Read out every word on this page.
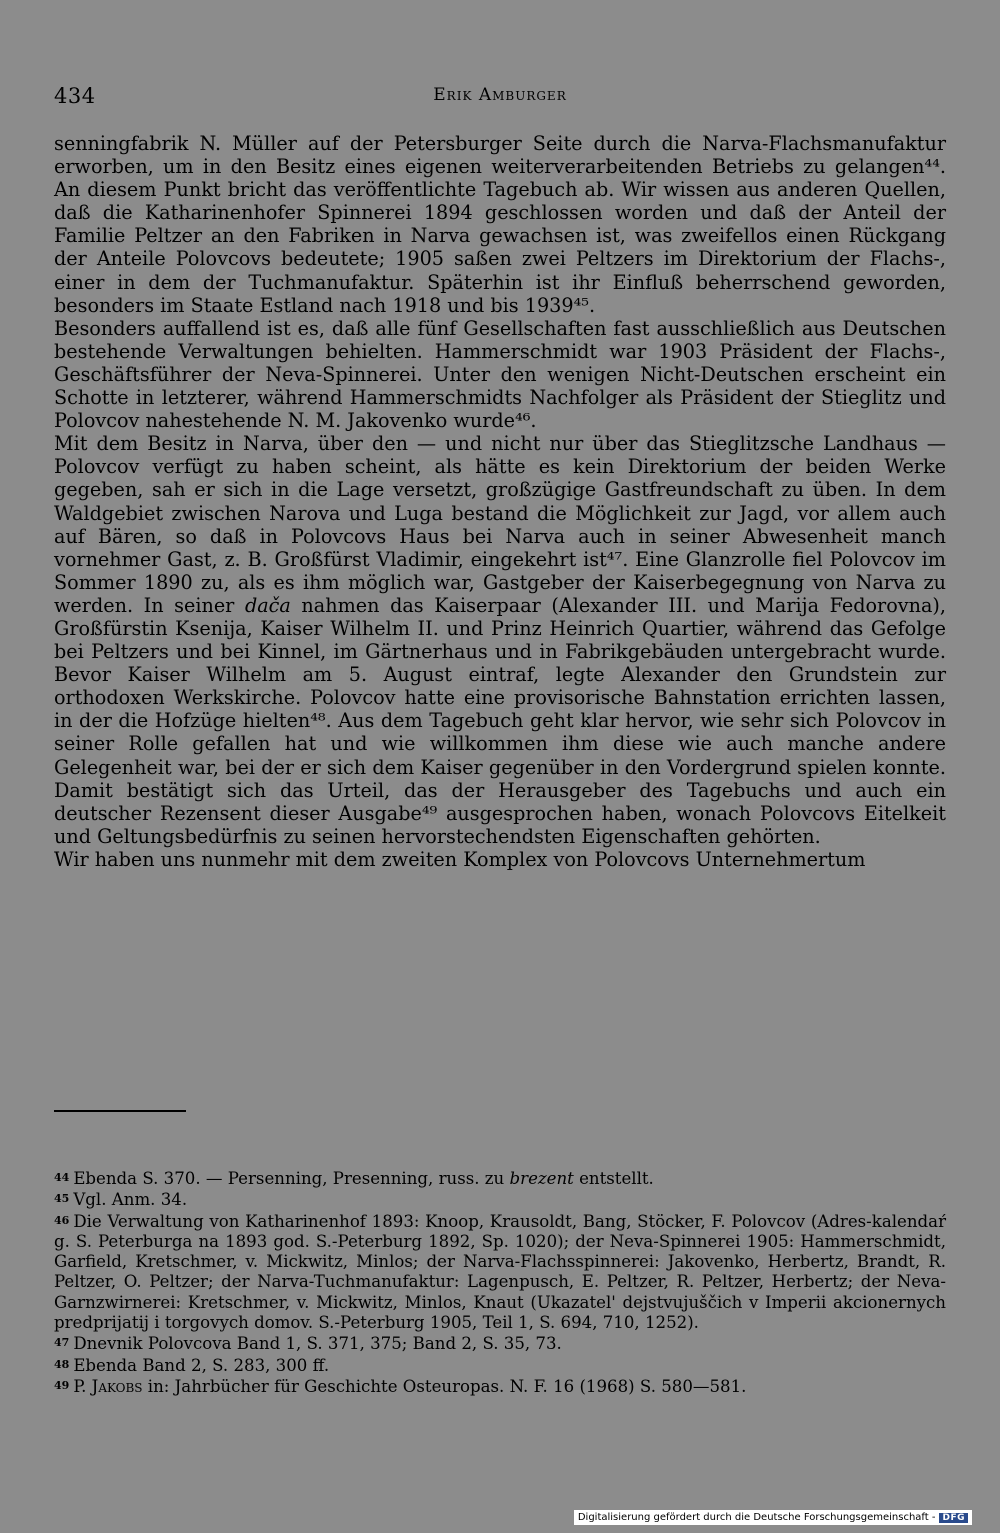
434	Erik Amburger

senningfabrik N. Müller auf der Petersburger Seite durch die Narva-Flachsmanufaktur erworben, um in den Besitz eines eigenen weiterverarbeitenden Betriebs zu gelangen⁴⁴. An diesem Punkt bricht das veröffentlichte Tagebuch ab. Wir wissen aus anderen Quellen, daß die Katharinenhofer Spinnerei 1894 geschlossen worden und daß der Anteil der Familie Peltzer an den Fabriken in Narva gewachsen ist, was zweifellos einen Rückgang der Anteile Polovcovs bedeutete; 1905 saßen zwei Peltzers im Direktorium der Flachs-, einer in dem der Tuchmanufaktur. Späterhin ist ihr Einfluß beherrschend geworden, besonders im Staate Estland nach 1918 und bis 1939⁴⁵.

Besonders auffallend ist es, daß alle fünf Gesellschaften fast ausschließlich aus Deutschen bestehende Verwaltungen behielten. Hammerschmidt war 1903 Präsident der Flachs-, Geschäftsführer der Neva-Spinnerei. Unter den wenigen Nicht-Deutschen erscheint ein Schotte in letzterer, während Hammerschmidts Nachfolger als Präsident der Stieglitz und Polovcov nahestehende N. M. Jakovenko wurde⁴⁶.

Mit dem Besitz in Narva, über den — und nicht nur über das Stieglitzsche Landhaus — Polovcov verfügt zu haben scheint, als hätte es kein Direktorium der beiden Werke gegeben, sah er sich in die Lage versetzt, großzügige Gastfreundschaft zu üben. In dem Waldgebiet zwischen Narova und Luga bestand die Möglichkeit zur Jagd, vor allem auch auf Bären, so daß in Polovcovs Haus bei Narva auch in seiner Abwesenheit manch vornehmer Gast, z. B. Großfürst Vladimir, eingekehrt ist⁴⁷. Eine Glanzrolle fiel Polovcov im Sommer 1890 zu, als es ihm möglich war, Gastgeber der Kaiserbegegnung von Narva zu werden. In seiner dača nahmen das Kaiserpaar (Alexander III. und Marija Fedorovna), Großfürstin Ksenija, Kaiser Wilhelm II. und Prinz Heinrich Quartier, während das Gefolge bei Peltzers und bei Kinnel, im Gärtnerhaus und in Fabrikgebäuden untergebracht wurde. Bevor Kaiser Wilhelm am 5. August eintraf, legte Alexander den Grundstein zur orthodoxen Werkskirche. Polovcov hatte eine provisorische Bahnstation errichten lassen, in der die Hofzüge hielten⁴⁸. Aus dem Tagebuch geht klar hervor, wie sehr sich Polovcov in seiner Rolle gefallen hat und wie willkommen ihm diese wie auch manche andere Gelegenheit war, bei der er sich dem Kaiser gegenüber in den Vordergrund spielen konnte. Damit bestätigt sich das Urteil, das der Herausgeber des Tagebuchs und auch ein deutscher Rezensent dieser Ausgabe⁴⁹ ausgesprochen haben, wonach Polovcovs Eitelkeit und Geltungsbedürfnis zu seinen hervorstechendsten Eigenschaften gehörten.

Wir haben uns nunmehr mit dem zweiten Komplex von Polovcovs Unternehmertum

44 Ebenda S. 370. — Persenning, Presenning, russ. zu brezent entstellt.

45 Vgl. Anm. 34.

46 Die Verwaltung von Katharinenhof 1893: Knoop, Krausoldt, Bang, Stöcker, F. Polovcov (Adres-kalendaŕ g. S. Peterburga na 1893 god. S.-Peterburg 1892, Sp. 1020); der Neva-Spinnerei 1905: Hammerschmidt, Garfield, Kretschmer, v. Mickwitz, Minlos; der Narva-Flachsspinnerei: Jakovenko, Herbertz, Brandt, R. Peltzer, O. Peltzer; der Narva-Tuchmanufaktur: Lagenpusch, E. Peltzer, R. Peltzer, Herbertz; der Neva-Garnzwirnerei: Kretschmer, v. Mickwitz, Minlos, Knaut (Ukazatel' dejstvujuščich v Imperii akcionernych predprijatij i torgovych domov. S.-Peterburg 1905, Teil 1, S. 694, 710, 1252).

47 Dnevnik Polovcova Band 1, S. 371, 375; Band 2, S. 35, 73.

48 Ebenda Band 2, S. 283, 300 ff.

49 P. Jakobs in: Jahrbücher für Geschichte Osteuropas. N. F. 16 (1968) S. 580—581.

Digitalisierung gefördert durch die Deutsche Forschungsgemeinschaft - DFG
